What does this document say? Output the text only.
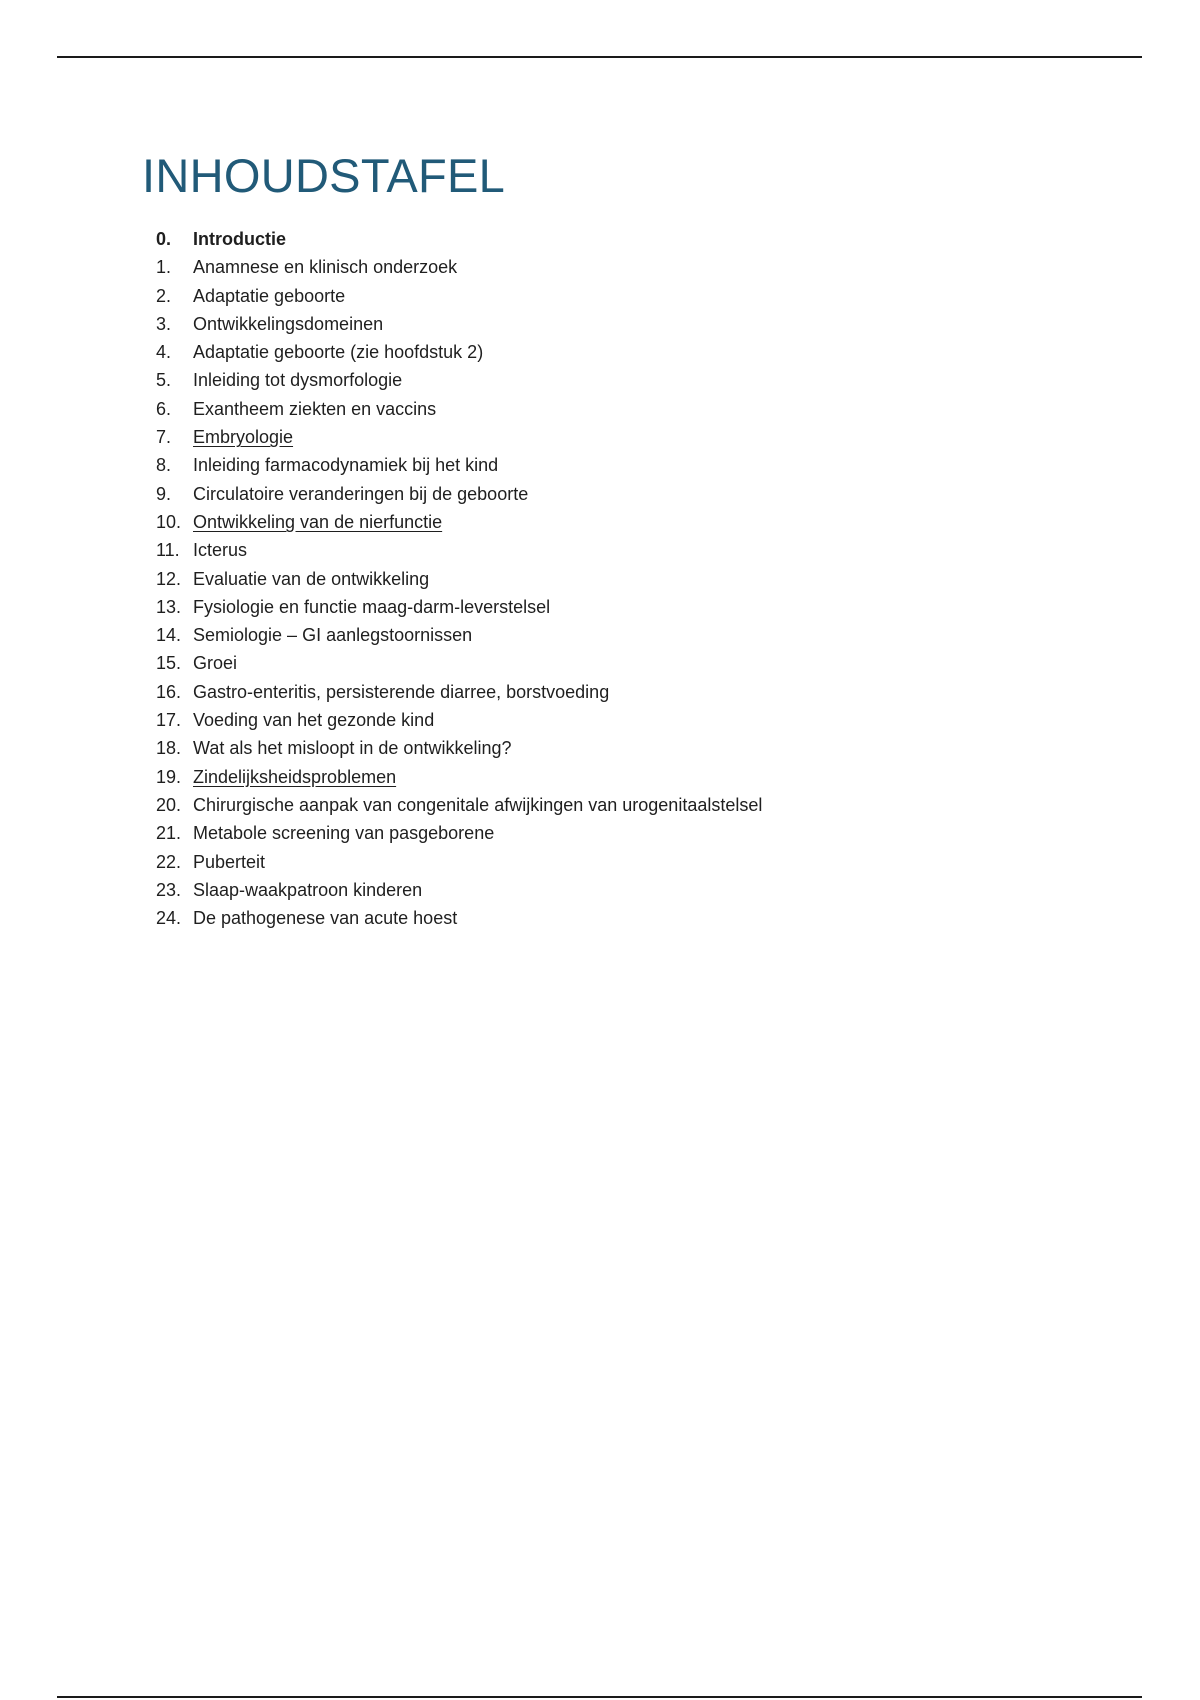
INHOUDSTAFEL
0.	Introductie
1.	Anamnese en klinisch onderzoek
2.	Adaptatie geboorte
3.	Ontwikkelingsdomeinen
4.	Adaptatie geboorte (zie hoofdstuk 2)
5.	Inleiding tot dysmorfologie
6.	Exantheem ziekten en vaccins
7.	Embryologie
8.	Inleiding farmacodynamiek bij het kind
9.	Circulatoire veranderingen bij de geboorte
10. Ontwikkeling van de nierfunctie
11. Icterus
12. Evaluatie van de ontwikkeling
13. Fysiologie en functie maag-darm-leverstelsel
14. Semiologie – GI aanlegstoornissen
15. Groei
16. Gastro-enteritis, persisterende diarree, borstvoeding
17. Voeding van het gezonde kind
18. Wat als het misloopt in de ontwikkeling?
19. Zindelijksheidsproblemen
20. Chirurgische aanpak van congenitale afwijkingen van urogenitaalstelsel
21. Metabole screening van pasgeborene
22. Puberteit
23. Slaap-waakpatroon kinderen
24. De pathogenese van acute hoest
